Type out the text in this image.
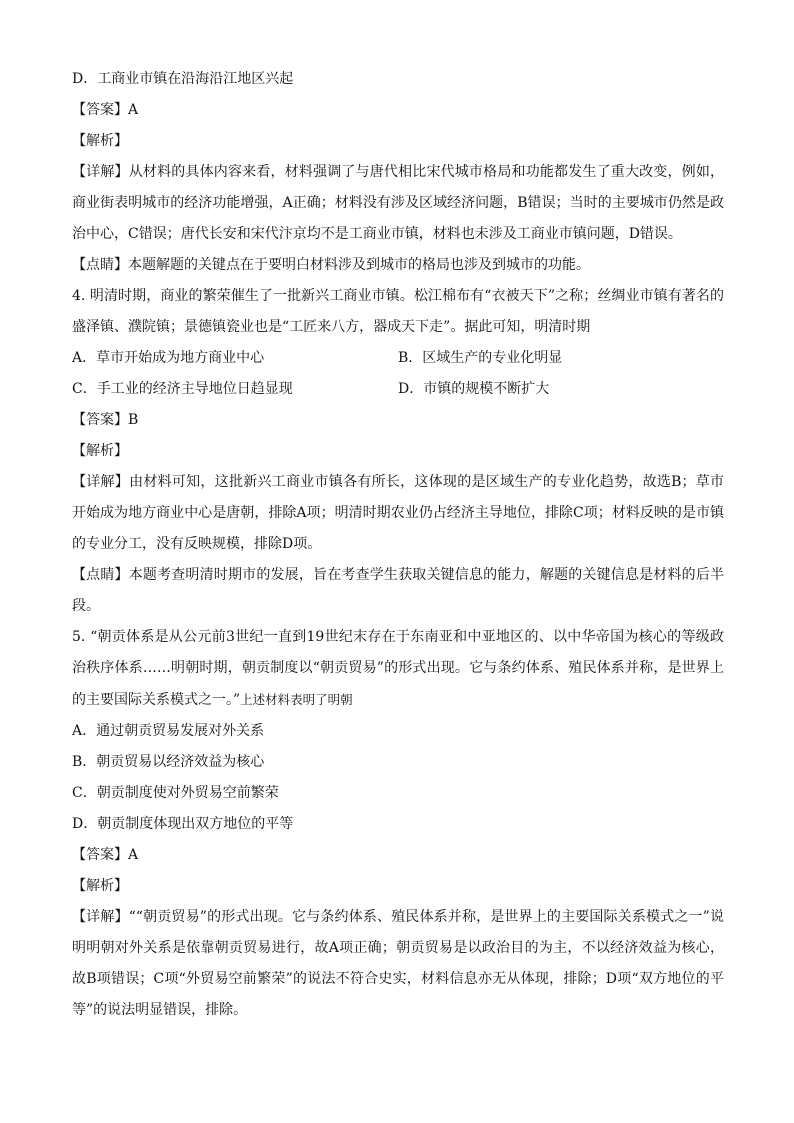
D．工商业市镇在沿海沿江地区兴起
【答案】A
【解析】
【详解】从材料的具体内容来看，材料强调了与唐代相比宋代城市格局和功能都发生了重大改变，例如，商业街表明城市的经济功能增强，A正确；材料没有涉及区域经济问题，B错误；当时的主要城市仍然是政治中心，C错误；唐代长安和宋代汴京均不是工商业市镇，材料也未涉及工商业市镇问题，D错误。
【点睛】本题解题的关键点在于要明白材料涉及到城市的格局也涉及到城市的功能。
4. 明清时期，商业的繁荣催生了一批新兴工商业市镇。松江棉布有“衣被天下”之称；丝绸业市镇有著名的盛泽镇、濮院镇；景德镇瓷业也是“工匠来八方，器成天下走”。据此可知，明清时期
A．草市开始成为地方商业中心	B．区域生产的专业化明显
C．手工业的经济主导地位日趋显现	D．市镇的规模不断扩大
【答案】B
【解析】
【详解】由材料可知，这批新兴工商业市镇各有所长，这体现的是区域生产的专业化趋势，故选B；草市开始成为地方商业中心是唐朝，排除A项；明清时期农业仍占经济主导地位，排除C项；材料反映的是市镇的专业分工，没有反映规模，排除D项。
【点睛】本题考查明清时期市的发展，旨在考查学生获取关键信息的能力，解题的关键信息是材料的后半段。
5. “朝贡体系是从公元前3世纪一直到19世纪末存在于东南亚和中亚地区的、以中华帝国为核心的等级政治秩序体系……明朝时期，朝贡制度以“朝贡贸易”的形式出现。它与条约体系、殖民体系并称，是世界上的主要国际关系模式之一。”上述材料表明了明朝
A．通过朝贡贸易发展对外关系
B．朝贡贸易以经济效益为核心
C．朝贡制度使对外贸易空前繁荣
D．朝贡制度体现出双方地位的平等
【答案】A
【解析】
【详解】““朝贡贸易”的形式出现。它与条约体系、殖民体系并称，是世界上的主要国际关系模式之一”说明明朝对外关系是依靠朝贡贸易进行，故A项正确；朝贡贸易是以政治目的为主，不以经济效益为核心，故B项错误；C项“外贸易空前繁荣”的说法不符合史实，材料信息亦无从体现，排除；D项“双方地位的平等”的说法明显错误，排除。
